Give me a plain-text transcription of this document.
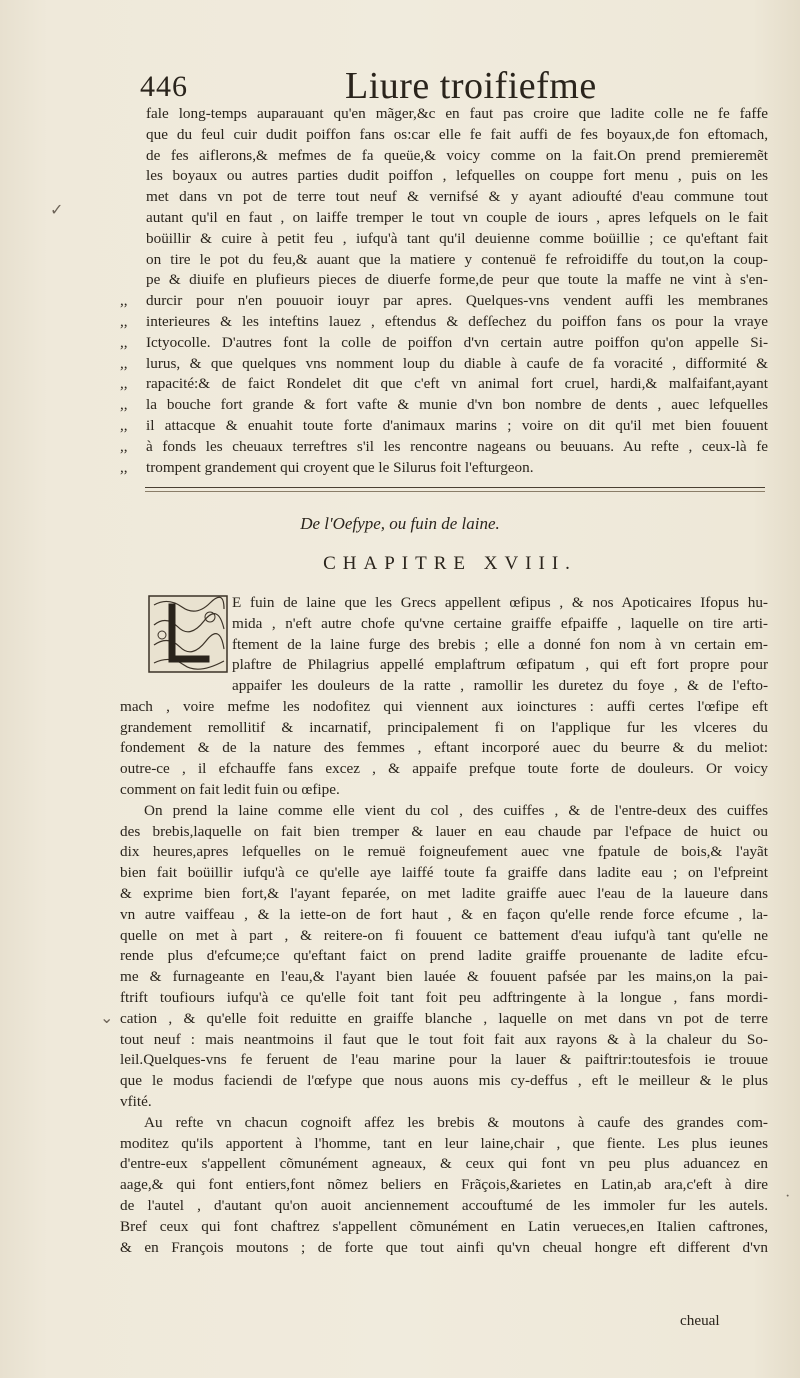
446	Liure troifiefme
fale long-temps auparauant qu'en mãger,&c en faut pas croire que ladite colle ne fe faffe
que du feul cuir dudit poiffon fans os:car elle fe fait auffi de fes boyaux,de fon eftomach,
de fes aiflerons,& mefmes de fa queüe,& voicy comme on la fait.On prend premieremẽt
les boyaux ou autres parties dudit poiffon , lefquelles on couppe fort menu , puis on les
met dans vn pot de terre tout neuf & vernifsé & y ayant adioufté d'eau commune tout
autant qu'il en faut , on laiffe tremper le tout vn couple de iours , apres lefquels on le fait
boüillir & cuire à petit feu , iufqu'à tant qu'il deuienne comme boüillie ; ce qu'eftant fait
on tire le pot du feu,& auant que la matiere y contenuë fe refroidiffe du tout,on la coup-
pe & diuife en plufieurs pieces de diuerfe forme,de peur que toute la maffe ne vint à s'en-
,, durcir pour n'en pouuoir iouyr par apres. Quelques-vns vendent auffi les membranes
,, interieures & les inteftins lauez , eftendus & defſechez du poiffon fans os pour la vraye
,, Ictyocolle. D'autres font la colle de poiffon d'vn certain autre poiffon qu'on appelle Si-
,, lurus, & que quelques vns nomment loup du diable à caufe de fa voracité , difformité &
,, rapacité:& de faict Rondelet dit que c'eft vn animal fort cruel, hardi,& malfaifant,ayant
,, la bouche fort grande & fort vafte & munie d'vn bon nombre de dents , auec lefquelles
,, il attacque & enuahit toute forte d'animaux marins ; voire on dit qu'il met bien fouuent
,, à fonds les cheuaux terreftres s'il les rencontre nageans ou beuuans. Au refte , ceux-là fe
,, trompent grandement qui croyent que le Silurus foit l'efturgeon.
De l'Oefype, ou fuin de laine.
CHAPITRE XVIII.
E fuin de laine que les Grecs appellent œfipus , & nos Apoticaires Ifopus hu-
mida , n'eft autre chofe qu'vne certaine graiffe efpaiffe , laquelle on tire arti-
ftement de la laine furge des brebis ; elle a donné fon nom à vn certain em-
plaftre de Philagrius appellé emplaftrum œfipatum , qui eft fort propre pour
appaifer les douleurs de la ratte , ramollir les duretez du foye , & de l'efto-
mach , voire mefme les nodofitez qui viennent aux ioinctures : auffi certes l'œfipe eft
grandement remollitif & incarnatif, principalement fi on l'applique fur les vlceres du
fondement & de la nature des femmes , eftant incorporé auec du beurre & du meliot:
outre-ce , il efchauffe fans excez , & appaife prefque toute forte de douleurs. Or voicy
comment on fait ledit fuin ou œfipe.
On prend la laine comme elle vient du col , des cuiffes , & de l'entre-deux des cuiffes
des brebis,laquelle on fait bien tremper & lauer en eau chaude par l'efpace de huict ou
dix heures,apres lefquelles on le remuë foigneufement auec vne fpatule de bois,& l'ayãt
bien fait boüillir iufqu'à ce qu'elle aye laiffé toute fa graiffe dans ladite eau ; on l'efpreint
& exprime bien fort,& l'ayant feparée, on met ladite graiffe auec l'eau de la laueure dans
vn autre vaiffeau , & la iette-on de fort haut , & en façon qu'elle rende force efcume , la-
quelle on met à part , & reitere-on fi fouuent ce battement d'eau iufqu'à tant qu'elle ne
rende plus d'efcume;ce qu'eftant faict on prend ladite graiffe prouenante de ladite efcu-
me & furnageante en l'eau,& l'ayant bien lauée & fouuent pafsée par les mains,on la pai-
ftrift toufiours iufqu'à ce qu'elle foit tant foit peu adftringente à la longue , fans mordi-
cation , & qu'elle foit reduitte en graiffe blanche , laquelle on met dans vn pot de terre
tout neuf : mais neantmoins il faut que le tout foit fait aux rayons & à la chaleur du So-
leil.Quelques-vns fe feruent de l'eau marine pour la lauer & paiftrir:toutesfois ie trouue
que le modus faciendi de l'œfype que nous auons mis cy-deffus , eft le meilleur & le plus
vfité.
Au refte vn chacun cognoift affez les brebis & moutons à caufe des grandes com-
moditez qu'ils apportent à l'homme, tant en leur laine,chair , que fiente. Les plus ieunes
d'entre-eux s'appellent cõmunément agneaux, & ceux qui font vn peu plus aduancez en
aage,& qui font entiers,font nõmez beliers en Frãçois,&arietes en Latin,ab ara,c'eft à dire
de l'autel , d'autant qu'on auoit anciennement accouftumé de les immoler fur les autels.
Bref ceux qui font chaftrez s'appellent cõmunément en Latin verueces,en Italien caftrones,
& en François moutons ; de forte que tout ainfi qu'vn cheual hongre eft different d'vn
cheual
✓
⌄
·
